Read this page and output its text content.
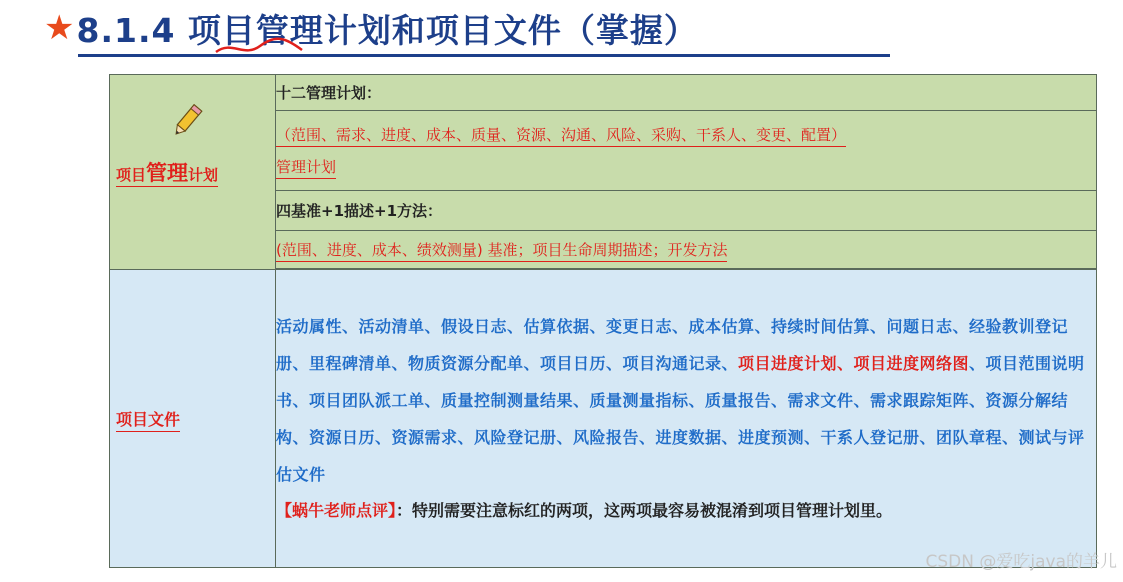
★ 8.1.4 项目管理计划和项目文件（掌握）
项目管理计划	十二管理计划：

	（范围、需求、进度、成本、质量、资源、沟通、风险、采购、干系人、变更、配置）
管理计划

	四基准+1描述+1方法：
	(范围、进度、成本、绩效测量) 基准；项目生命周期描述；开发方法

项目文件	活动属性、活动清单、假设日志、估算依据、变更日志、成本估算、持续时间估算、问题日志、经验教训登记册、里程碑清单、物质资源分配单、项目日历、项目沟通记录、项目进度计划、项目进度网络图、项目范围说明书、项目团队派工单、质量控制测量结果、质量测量指标、质量报告、需求文件、需求跟踪矩阵、资源分解结构、资源日历、资源需求、风险登记册、风险报告、进度数据、进度预测、干系人登记册、团队章程、测试与评估文件
【蜗牛老师点评】：特别需要注意标红的两项，这两项最容易被混淆到项目管理计划里。
CSDN @爱吃java的羊儿
